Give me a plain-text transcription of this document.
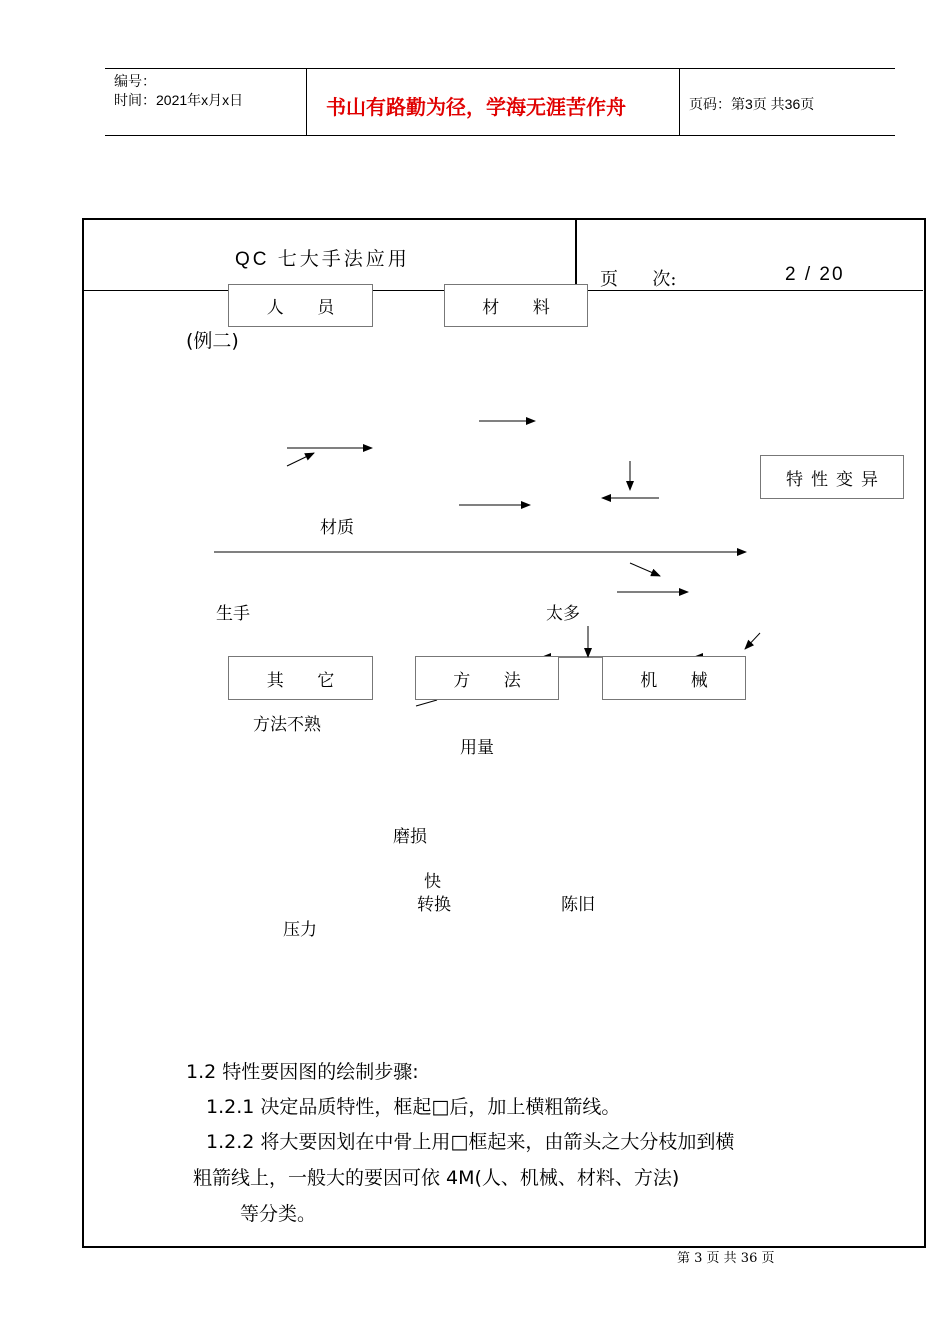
编号：
时间：2021年x月x日	书山有路勤为径，学海无涯苦作舟	页码：第3页 共36页
QC 七大手法应用
页      次:	2 / 20
人 员	材 料
特性变异
其 它	方 法	机 械
(例二)
材质
生手	太多
方法不熟
用量
磨损
快
转换	陈旧
压力
1.2 特性要因图的绘制步骤:
1.2.1 决定品质特性，框起□后，加上横粗箭线。
1.2.2 将大要因划在中骨上用□框起来，由箭头之大分枝加到横
粗箭线上，一般大的要因可依 4M(人、机械、材料、方法)
等分类。
第 3 页 共 36 页
